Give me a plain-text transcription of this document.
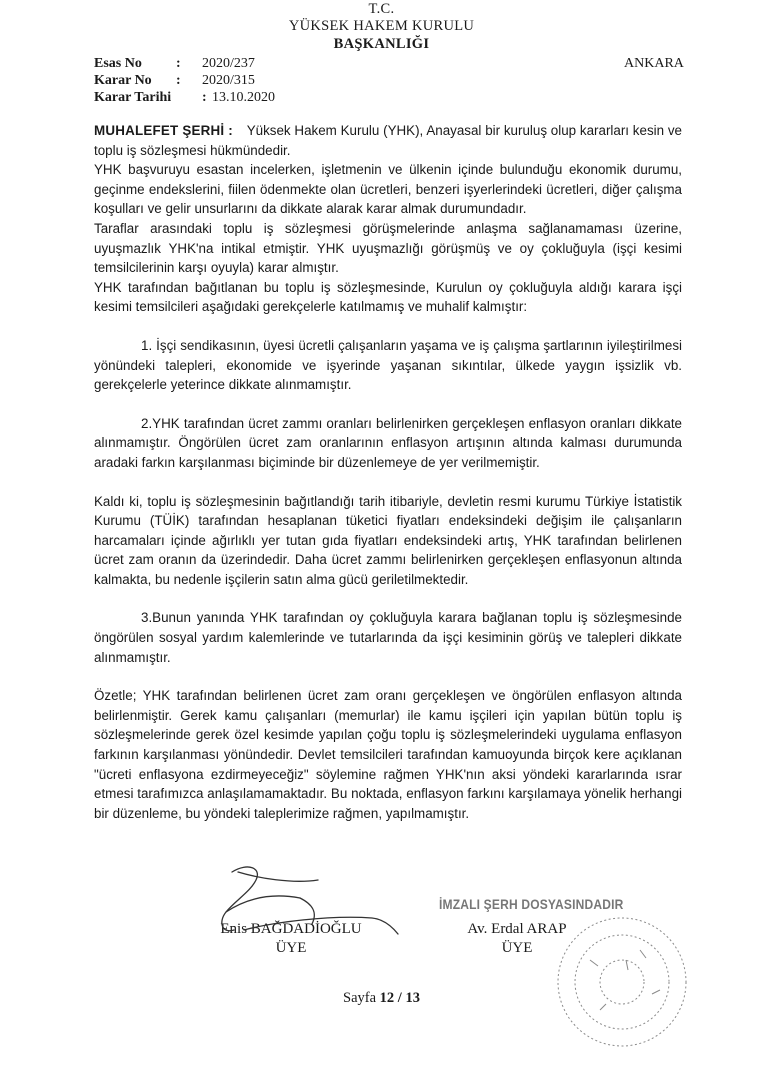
T.C.
YÜKSEK HAKEM KURULU
BAŞKANLIĞI
Esas No : 2020/237
Karar No : 2020/315
Karar Tarihi : 13.10.2020
ANKARA

MUHALEFET ŞERHİ : Yüksek Hakem Kurulu (YHK), Anayasal bir kuruluş olup kararları kesin ve toplu iş sözleşmesi hükmündedir.

YHK başvuruyu esastan incelerken, işletmenin ve ülkenin içinde bulunduğu ekonomik durumu, geçinme endekslerini, fiilen ödenmekte olan ücretleri, benzeri işyerlerindeki ücretleri, diğer çalışma koşulları ve gelir unsurlarını da dikkate alarak karar almak durumundadır.

Taraflar arasındaki toplu iş sözleşmesi görüşmelerinde anlaşma sağlanamaması üzerine, uyuşmazlık YHK'na intikal etmiştir. YHK uyuşmazlığı görüşmüş ve oy çokluğuyla (işçi kesimi temsilcilerinin karşı oyuyla) karar almıştır.

YHK tarafından bağıtlanan bu toplu iş sözleşmesinde, Kurulun oy çokluğuyla aldığı karara işçi kesimi temsilcileri aşağıdaki gerekçelerle katılmamış ve muhalif kalmıştır:

1. İşçi sendikasının, üyesi ücretli çalışanların yaşama ve iş çalışma şartlarının iyileştirilmesi yönündeki talepleri, ekonomide ve işyerinde yaşanan sıkıntılar, ülkede yaygın işsizlik vb. gerekçelerle yeterince dikkate alınmamıştır.

2.YHK tarafından ücret zammı oranları belirlenirken gerçekleşen enflasyon oranları dikkate alınmamıştır. Öngörülen ücret zam oranlarının enflasyon artışının altında kalması durumunda aradaki farkın karşılanması biçiminde bir düzenlemeye de yer verilmemiştir.

Kaldı ki, toplu iş sözleşmesinin bağıtlandığı tarih itibariyle, devletin resmi kurumu Türkiye İstatistik Kurumu (TÜİK) tarafından hesaplanan tüketici fiyatları endeksindeki değişim ile çalışanların harcamaları içinde ağırlıklı yer tutan gıda fiyatları endeksindeki artış, YHK tarafından belirlenen ücret zam oranın da üzerindedir. Daha ücret zammı belirlenirken gerçekleşen enflasyonun altında kalmakta, bu nedenle işçilerin satın alma gücü geriletilmektedir.

3.Bunun yanında YHK tarafından oy çokluğuyla karara bağlanan toplu iş sözleşmesinde öngörülen sosyal yardım kalemlerinde ve tutarlarında da işçi kesiminin görüş ve talepleri dikkate alınmamıştır.

Özetle; YHK tarafından belirlenen ücret zam oranı gerçekleşen ve öngörülen enflasyon altında belirlenmiştir. Gerek kamu çalışanları (memurlar) ile kamu işçileri için yapılan bütün toplu iş sözleşmelerinde gerek özel kesimde yapılan çoğu toplu iş sözleşmelerindeki uygulama enflasyon farkının karşılanması yönündedir. Devlet temsilcileri tarafından kamuoyunda birçok kere açıklanan "ücreti enflasyona ezdirmeyeceğiz" söylemine rağmen YHK'nın aksi yöndeki kararlarında ısrar etmesi tarafımızca anlaşılamamaktadır. Bu noktada, enflasyon farkını karşılamaya yönelik herhangi bir düzenleme, bu yöndeki taleplerimize rağmen, yapılmamıştır.

Enis BAĞDADİOĞLU
ÜYE
İMZALI ŞERH DOSYASINDADIR
Av. Erdal ARAP
ÜYE
Sayfa 12 / 13
